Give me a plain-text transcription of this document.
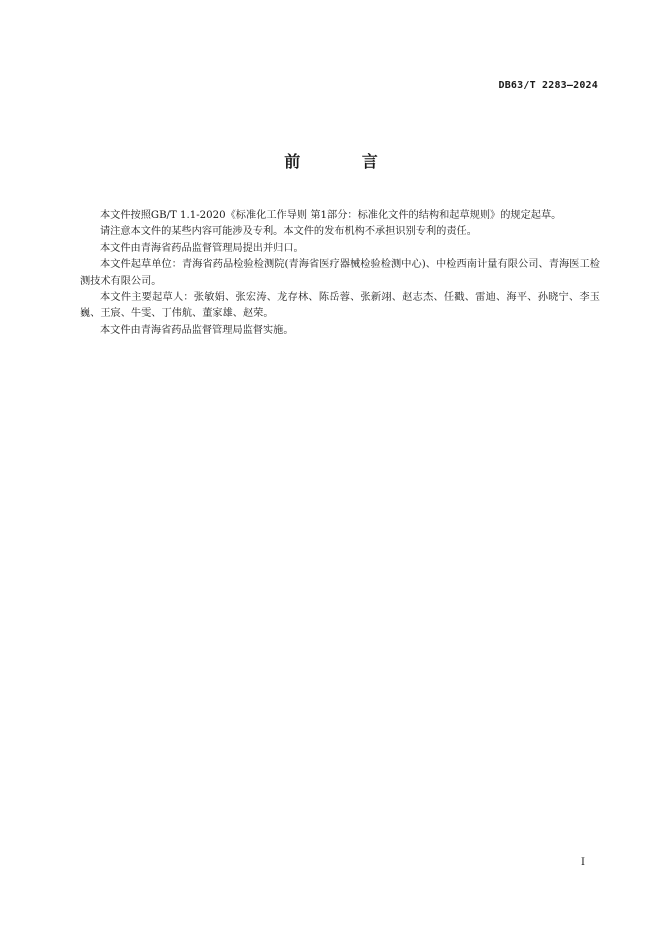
DB63/T 2283—2024
前 言

本文件按照GB/T 1.1-2020《标准化工作导则 第1部分：标准化文件的结构和起草规则》的规定起草。

请注意本文件的某些内容可能涉及专利。本文件的发布机构不承担识别专利的责任。

本文件由青海省药品监督管理局提出并归口。

本文件起草单位：青海省药品检验检测院(青海省医疗器械检验检测中心)、中检西南计量有限公司、青海医工检测技术有限公司。

本文件主要起草人：张敏娟、张宏涛、龙存林、陈岳蓉、张新翊、赵志杰、任戳、雷迪、海平、孙晓宁、李玉巍、王宸、牛雯、丁伟航、董家雄、赵荣。

本文件由青海省药品监督管理局监督实施。

I
